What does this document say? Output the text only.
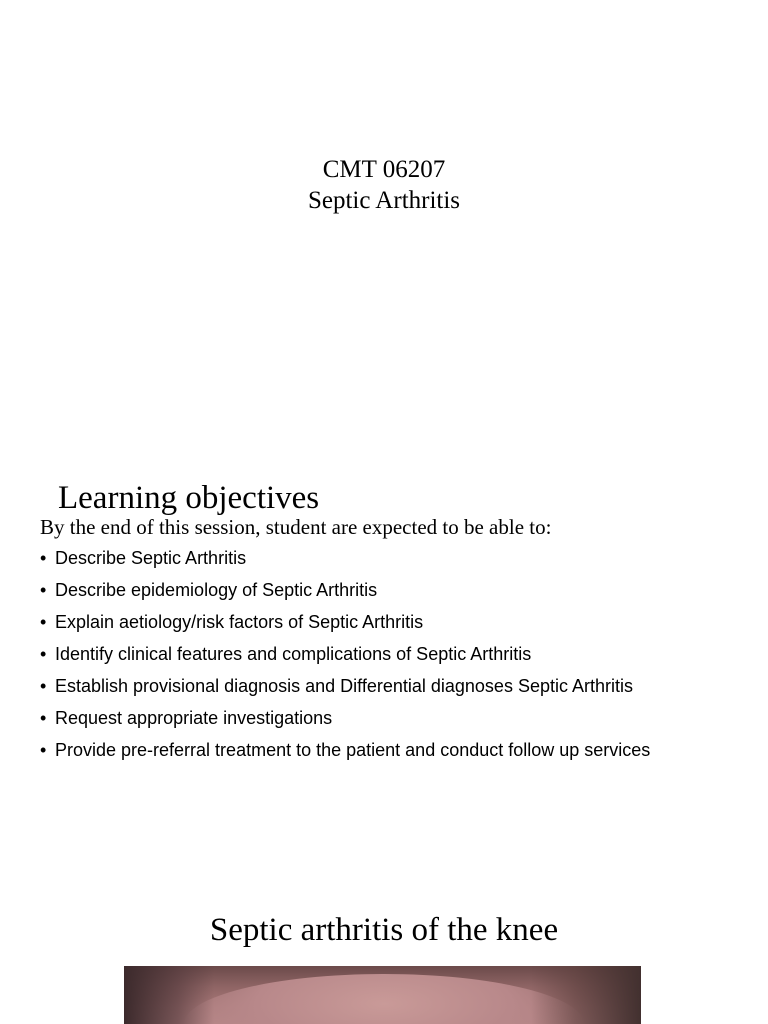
CMT 06207
Septic Arthritis
Learning objectives
By the end of this session, student are expected to be able to:
• Describe Septic Arthritis
• Describe epidemiology of Septic Arthritis
• Explain aetiology/risk factors of Septic Arthritis
• Identify clinical features and complications of Septic Arthritis
• Establish provisional diagnosis and Differential diagnoses Septic Arthritis
• Request appropriate investigations
• Provide pre-referral treatment to the patient and conduct follow up services
Septic arthritis of the knee
